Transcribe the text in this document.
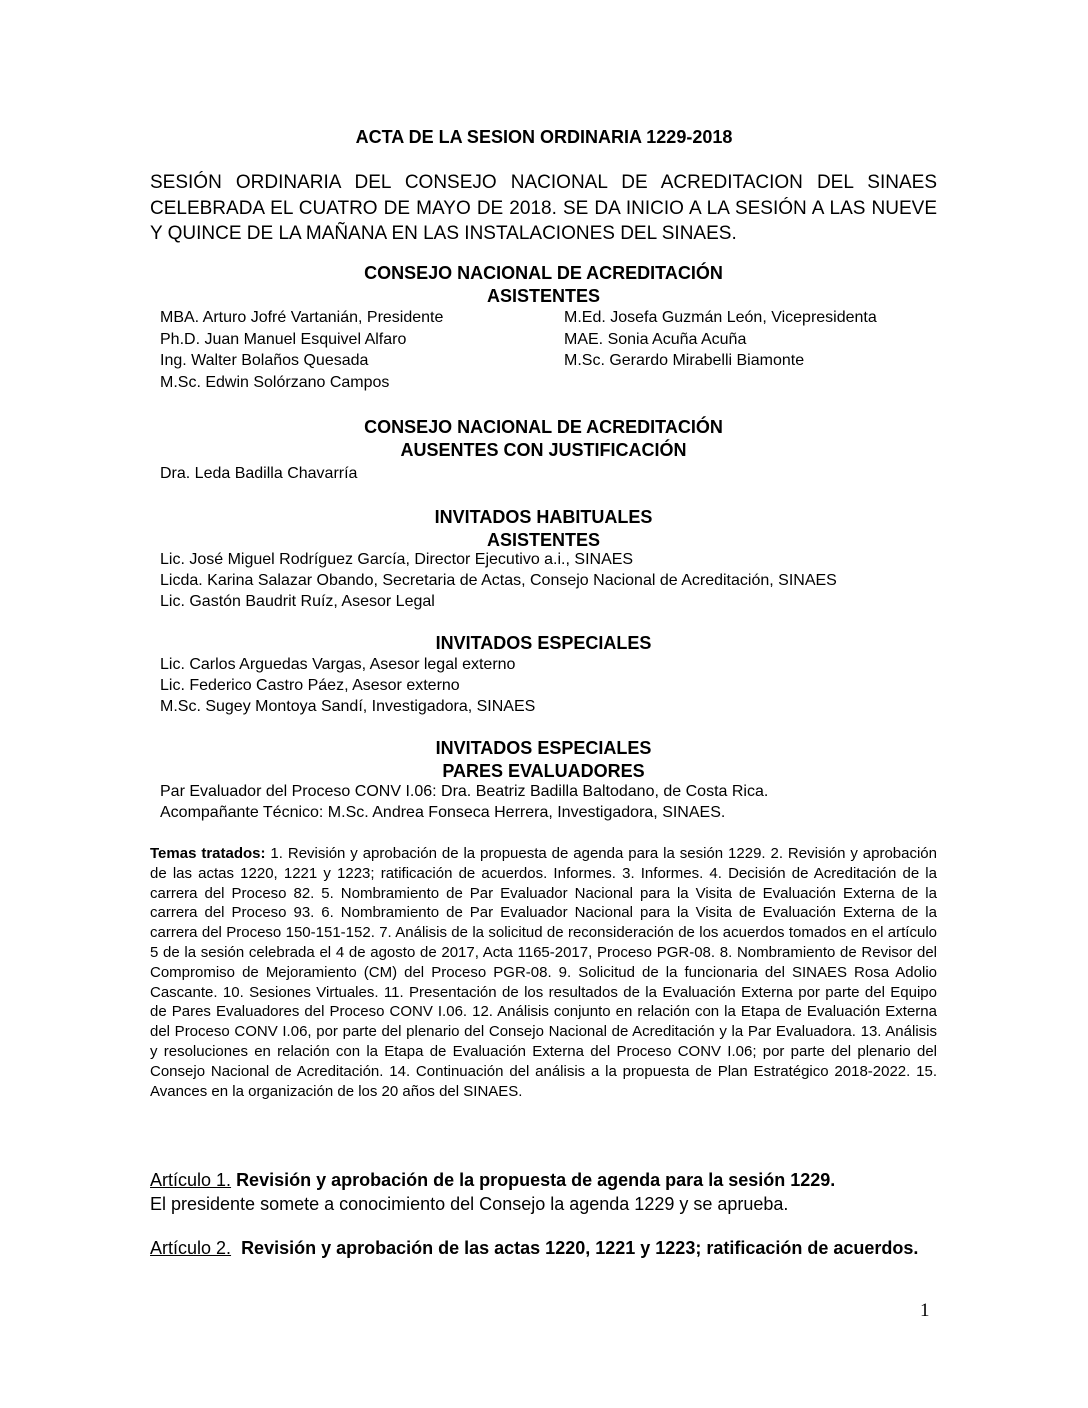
ACTA DE LA SESION ORDINARIA 1229-2018

SESIÓN ORDINARIA DEL CONSEJO NACIONAL DE ACREDITACION DEL SINAES CELEBRADA EL CUATRO DE MAYO DE 2018. SE DA INICIO A LA SESIÓN A LAS NUEVE Y QUINCE DE LA MAÑANA EN LAS INSTALACIONES DEL SINAES.

CONSEJO NACIONAL DE ACREDITACIÓN
ASISTENTES
MBA. Arturo Jofré Vartanián, Presidente
Ph.D. Juan Manuel Esquivel Alfaro
Ing. Walter Bolaños Quesada
M.Sc. Edwin Solórzano Campos
M.Ed. Josefa Guzmán León, Vicepresidenta
MAE. Sonia Acuña Acuña
M.Sc. Gerardo Mirabelli Biamonte
CONSEJO NACIONAL DE ACREDITACIÓN
AUSENTES CON JUSTIFICACIÓN
Dra. Leda Badilla Chavarría
INVITADOS HABITUALES
ASISTENTES
Lic. José Miguel Rodríguez García, Director Ejecutivo a.i., SINAES
Licda. Karina Salazar Obando, Secretaria de Actas, Consejo Nacional de Acreditación, SINAES
Lic. Gastón Baudrit Ruíz, Asesor Legal
INVITADOS ESPECIALES
Lic. Carlos Arguedas Vargas, Asesor legal externo
Lic. Federico Castro Páez, Asesor externo
M.Sc. Sugey Montoya Sandí, Investigadora, SINAES
INVITADOS ESPECIALES
PARES EVALUADORES
Par Evaluador del Proceso CONV I.06: Dra. Beatriz Badilla Baltodano, de Costa Rica.
Acompañante Técnico: M.Sc. Andrea Fonseca Herrera, Investigadora, SINAES.

Temas tratados: 1. Revisión y aprobación de la propuesta de agenda para la sesión 1229. 2. Revisión y aprobación de las actas 1220, 1221 y 1223; ratificación de acuerdos. Informes. 3. Informes. 4. Decisión de Acreditación de la carrera del Proceso 82. 5. Nombramiento de Par Evaluador Nacional para la Visita de Evaluación Externa de la carrera del Proceso 93. 6. Nombramiento de Par Evaluador Nacional para la Visita de Evaluación Externa de la carrera del Proceso 150-151-152. 7. Análisis de la solicitud de reconsideración de los acuerdos tomados en el artículo 5 de la sesión celebrada el 4 de agosto de 2017, Acta 1165-2017, Proceso PGR-08. 8. Nombramiento de Revisor del Compromiso de Mejoramiento (CM) del Proceso PGR-08. 9. Solicitud de la funcionaria del SINAES Rosa Adolio Cascante. 10. Sesiones Virtuales. 11. Presentación de los resultados de la Evaluación Externa por parte del Equipo de Pares Evaluadores del Proceso CONV I.06. 12. Análisis conjunto en relación con la Etapa de Evaluación Externa del Proceso CONV I.06, por parte del plenario del Consejo Nacional de Acreditación y la Par Evaluadora. 13. Análisis y resoluciones en relación con la Etapa de Evaluación Externa del Proceso CONV I.06; por parte del plenario del Consejo Nacional de Acreditación. 14. Continuación del análisis a la propuesta de Plan Estratégico 2018-2022. 15. Avances en la organización de los 20 años del SINAES.

Artículo 1. Revisión y aprobación de la propuesta de agenda para la sesión 1229.
El presidente somete a conocimiento del Consejo la agenda 1229 y se aprueba.

Artículo 2. Revisión y aprobación de las actas 1220, 1221 y 1223; ratificación de acuerdos.

1
